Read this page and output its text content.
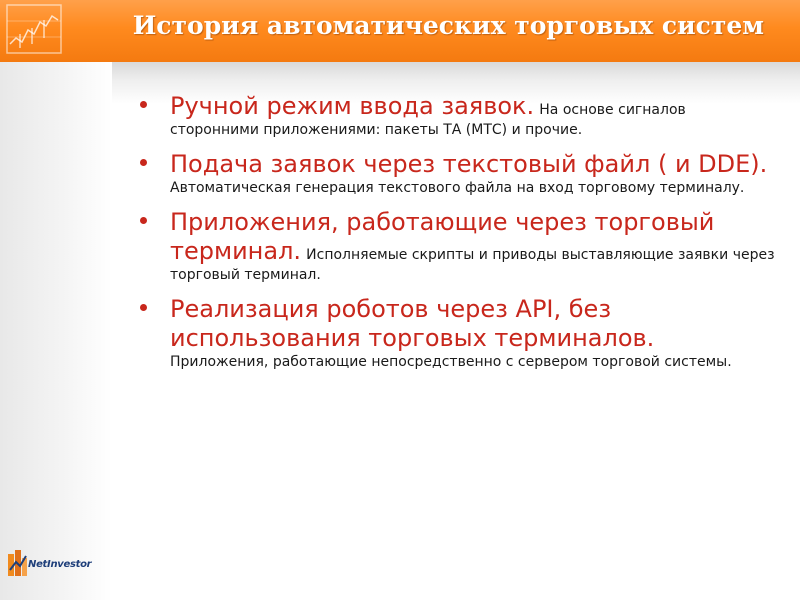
История автоматических торговых систем
NetInvestor
Ручной режим ввода заявок. На основе сигналов сторонними приложениями: пакеты ТА (МТС) и прочие.
Подача заявок через текстовый файл ( и DDE). Автоматическая генерация текстового файла на вход торговому терминалу.
Приложения, работающие через торговый терминал. Исполняемые скрипты и приводы выставляющие заявки через торговый терминал.
Реализация роботов через API, без использования торговых терминалов.
Приложения, работающие непосредственно с сервером торговой системы.
